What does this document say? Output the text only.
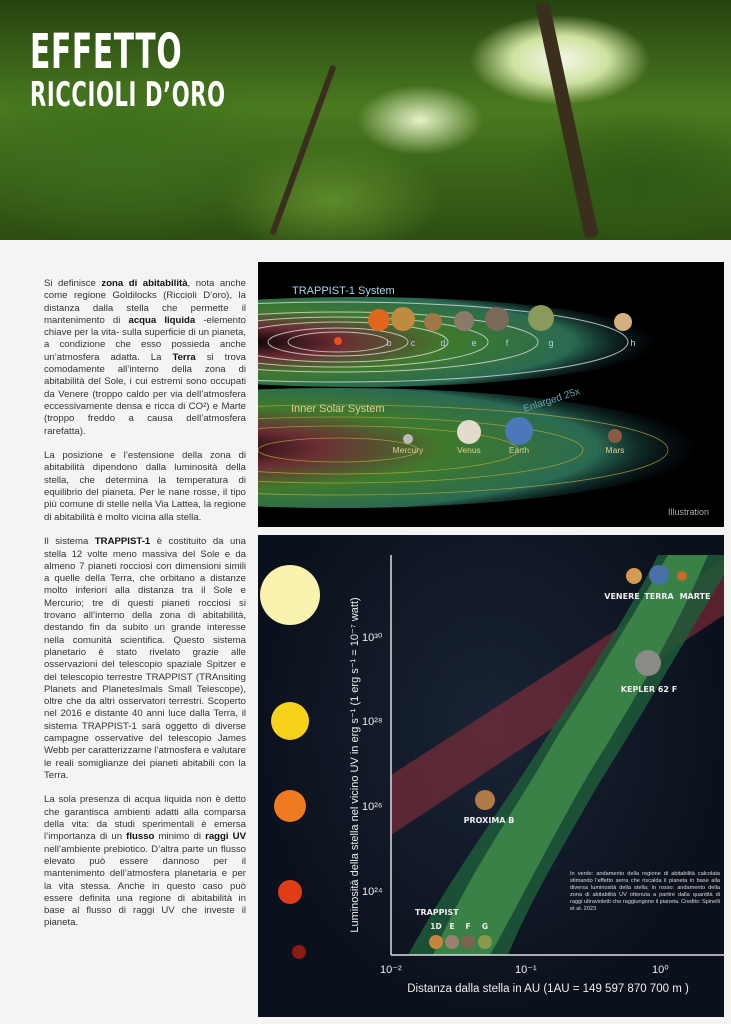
EFFETTO
RICCIOLI D’ORO

Si definisce zona di abitabilità, nota anche come regione Goldilocks (Riccioli D’oro), la distanza dalla stella che permette il mantenimento di acqua liquida -elemento chiave per la vita- sulla superficie di un pianeta, a condizione che esso possieda anche un’atmosfera adatta. La Terra si trova comodamente all’interno della zona di abitabilità del Sole, i cui estremi sono occupati da Venere (troppo caldo per via dell’atmosfera eccessivamente densa e ricca di CO²) e Marte (troppo freddo a causa dell’atmosfera rarefatta).

La posizione e l’estensione della zona di abitabilità dipendono dalla luminosità della stella, che determina la temperatura di equilibrio del pianeta. Per le nane rosse, il tipo più comune di stelle nella Via Lattea, la regione di abitabilità è molto vicina alla stella.

Il sistema TRAPPIST-1 è costituito da una stella 12 volte meno massiva del Sole e da almeno 7 pianeti rocciosi con dimensioni simili a quelle della Terra, che orbitano a distanze molto inferiori alla distanza tra il Sole e Mercurio; tre di questi pianeti rocciosi si trovano all’interno della zona di abitabilità, destando fin da subito un grande interesse nella comunità scientifica. Questo sistema planetario è stato rivelato grazie alle osservazioni del telescopio spaziale Spitzer e del telescopio terrestre TRAPPIST (TRAnsiting Planets and PlanetesImals Small Telescope), oltre che da altri osservatori terrestri. Scoperto nel 2016 e distante 40 anni luce dalla Terra, il sistema TRAPPIST-1 sarà oggetto di diverse campagne osservative del telescopio James Webb per caratterizzarne l’atmosfera e valutare le reali somiglianze dei pianeti abitabili con la Terra.

La sola presenza di acqua liquida non è detto che garantisca ambienti adatti alla comparsa della vita: da studi sperimentali è emersa l’importanza di un flusso minimo di raggi UV nell’ambiente prebiotico. D’altra parte un flusso elevato può essere dannoso per il mantenimento dell’atmosfera planetaria e per la vita stessa. Anche in questo caso può essere definita una regione di abitabilità in base al flusso di raggi UV che investe il pianeta.

TRAPPIST-1 System
Inner Solar System
b c	d	e	f	g	h
Mercury	Venus	Earth	Mars
Enlarged 25x
Illustration
10³⁰
10²⁸
10²⁶
10²⁴
10⁻²	10⁻¹	10⁰
Distanza dalla stella in AU (1AU = 149 597 870 700 m )
Luminosità della stella nel vicino UV in erg s⁻¹ (1 erg s⁻¹ = 10⁻⁷ watt)
VENERE TERRA MARTE
KEPLER 62 F
PROXIMA B
TRAPPIST
1D E F G
In verde: andamento della regione di abitabilità calcolata stimando l’effetto serra che riscalda il pianeta in base alla diversa luminosità della stella; in rosso: andamento della zona di abitabilità UV ottenuta a partire dalla quantità di raggi ultravioletti che raggiungono il pianeta. Credits: Spinelli et al. 2023
